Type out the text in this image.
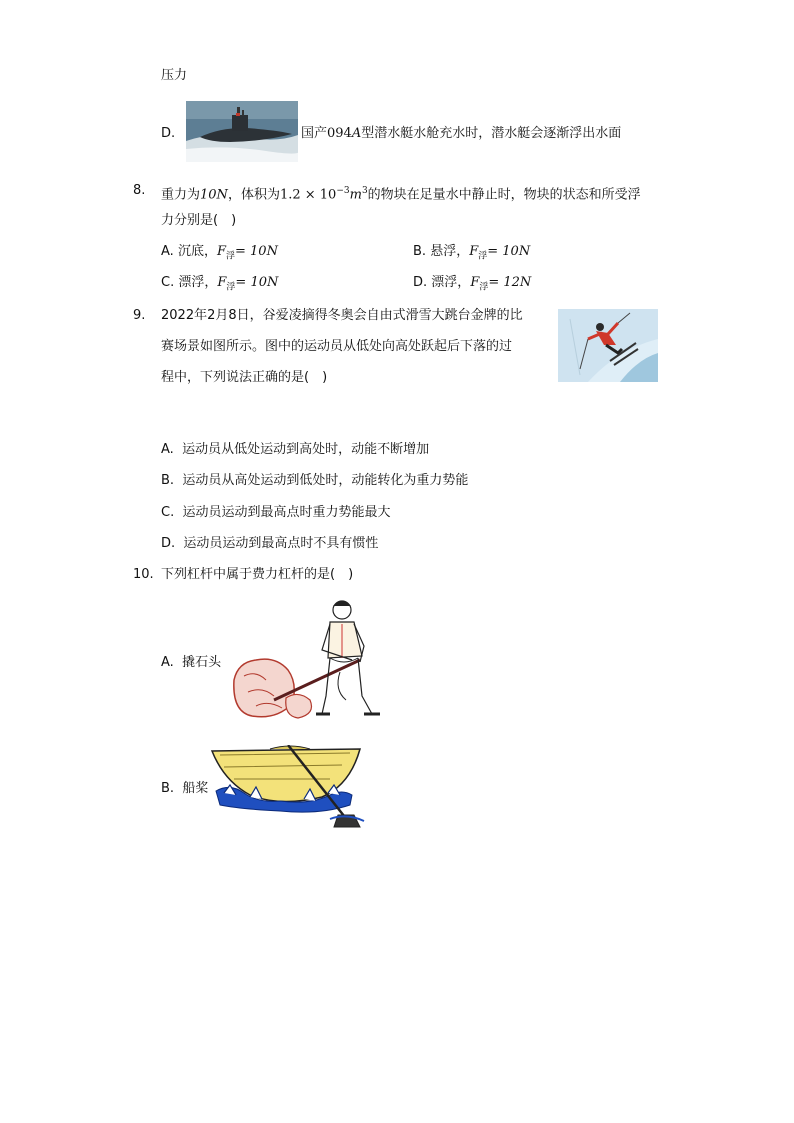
压力
D.	国产094A型潜水艇水舱充水时，潜水艇会逐渐浮出水面
8. 重力为10N，体积为$1.2 \times 10^{-3}m^3$的物块在足量水中静止时，物块的状态和所受浮
力分别是(　)
A. 沉底，$F_浮= 10N$	B. 悬浮，$F_浮= 10N$
C. 漂浮，$F_浮= 10N$	D. 漂浮，$F_浮= 12N$
9. 2022年2月8日，谷爱凌摘得冬奥会自由式滑雪大跳台金牌的比
赛场景如图所示。图中的运动员从低处向高处跃起后下落的过
程中，下列说法正确的是(　)
A. 运动员从低处运动到高处时，动能不断增加
B. 运动员从高处运动到低处时，动能转化为重力势能
C. 运动员运动到最高点时重力势能最大
D. 运动员运动到最高点时不具有惯性
10. 下列杠杆中属于费力杠杆的是(　)
A. 撬石头
B. 船桨
